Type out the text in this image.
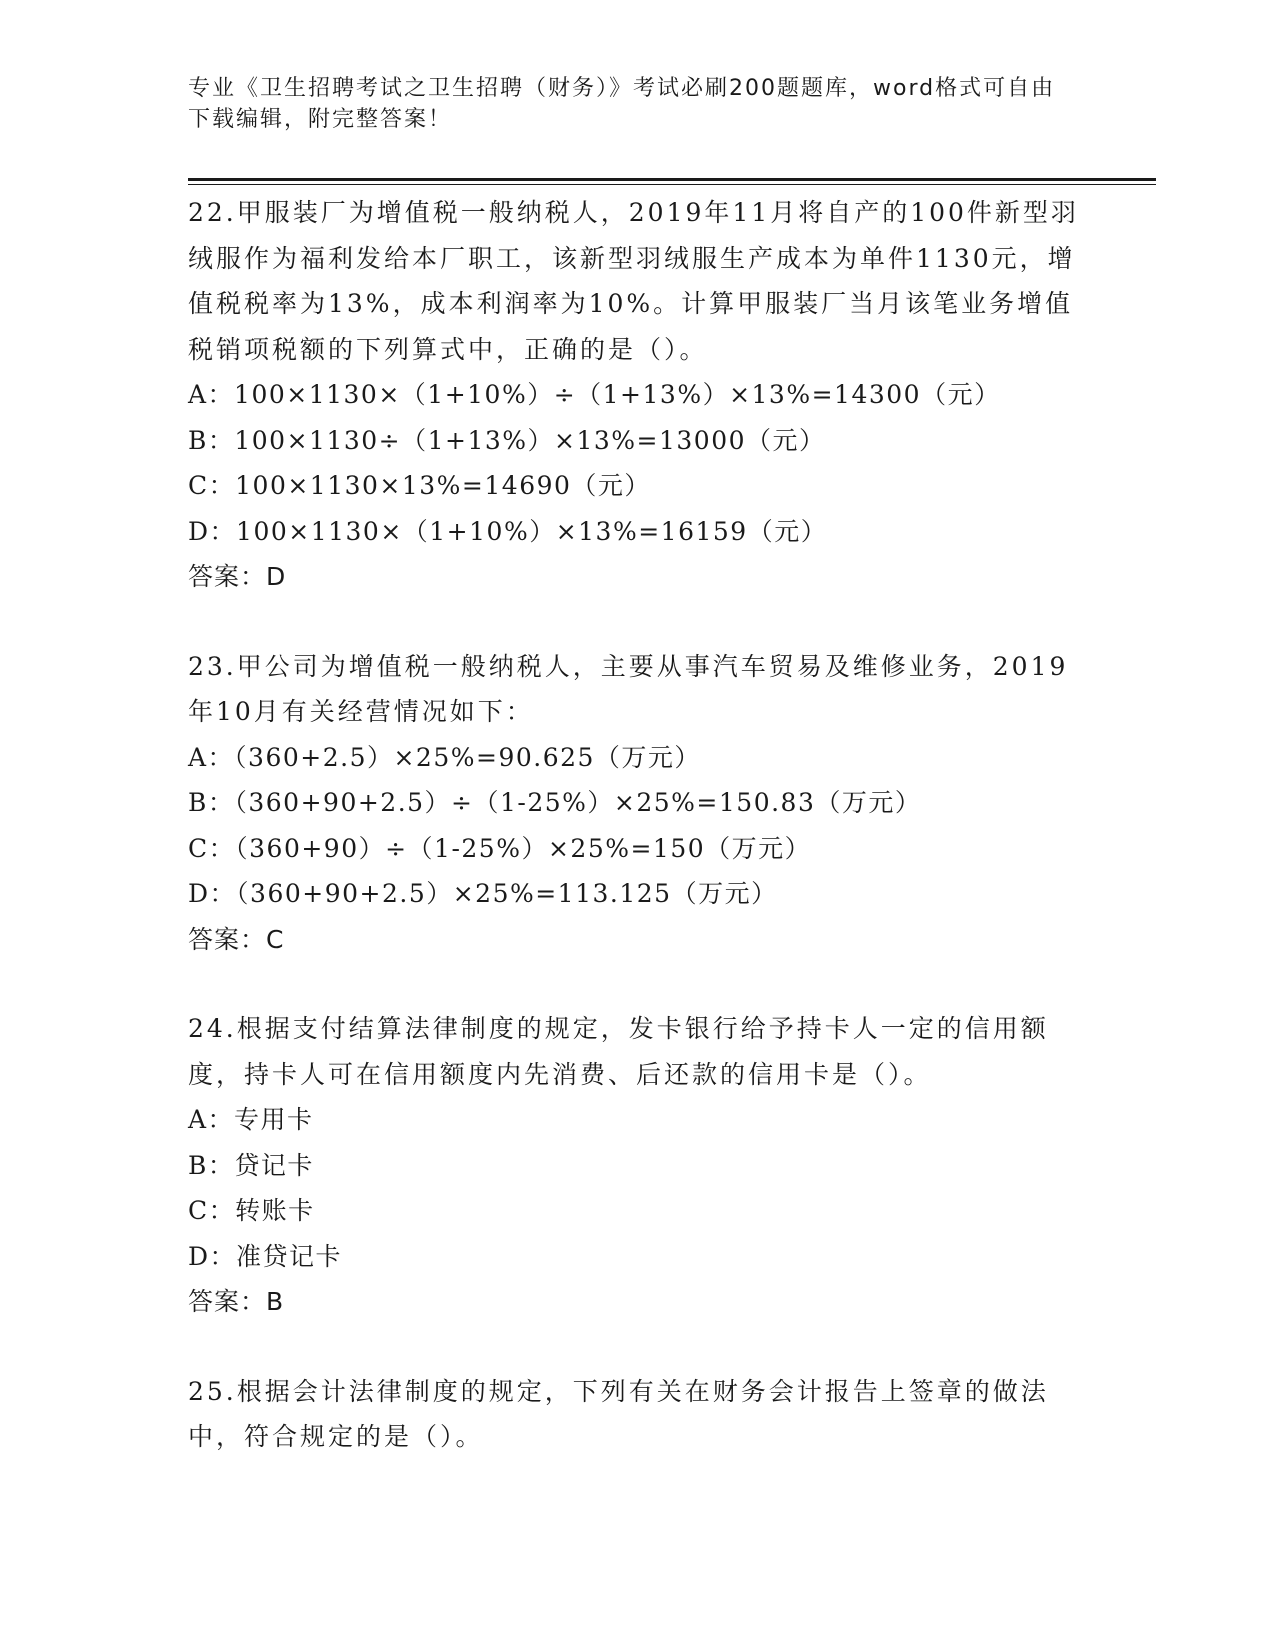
专业《卫生招聘考试之卫生招聘（财务）》考试必刷200题题库，word格式可自由下载编辑，附完整答案！

22.甲服装厂为增值税一般纳税人，2019年11月将自产的100件新型羽绒服作为福利发给本厂职工，该新型羽绒服生产成本为单件1130元，增值税税率为13%，成本利润率为10%。计算甲服装厂当月该笔业务增值税销项税额的下列算式中，正确的是（）。

A：100×1130×（1+10%）÷（1+13%）×13%=14300（元）

B：100×1130÷（1+13%）×13%=13000（元）

C：100×1130×13%=14690（元）

D：100×1130×（1+10%）×13%=16159（元）

答案：D

23.甲公司为增值税一般纳税人，主要从事汽车贸易及维修业务，2019年10月有关经营情况如下：

A：（360+2.5）×25%=90.625（万元）

B：（360+90+2.5）÷（1-25%）×25%=150.83（万元）

C：（360+90）÷（1-25%）×25%=150（万元）

D：（360+90+2.5）×25%=113.125（万元）

答案：C

24.根据支付结算法律制度的规定，发卡银行给予持卡人一定的信用额度，持卡人可在信用额度内先消费、后还款的信用卡是（）。

A：专用卡

B：贷记卡

C：转账卡

D：准贷记卡

答案：B

25.根据会计法律制度的规定，下列有关在财务会计报告上签章的做法中，符合规定的是（）。
